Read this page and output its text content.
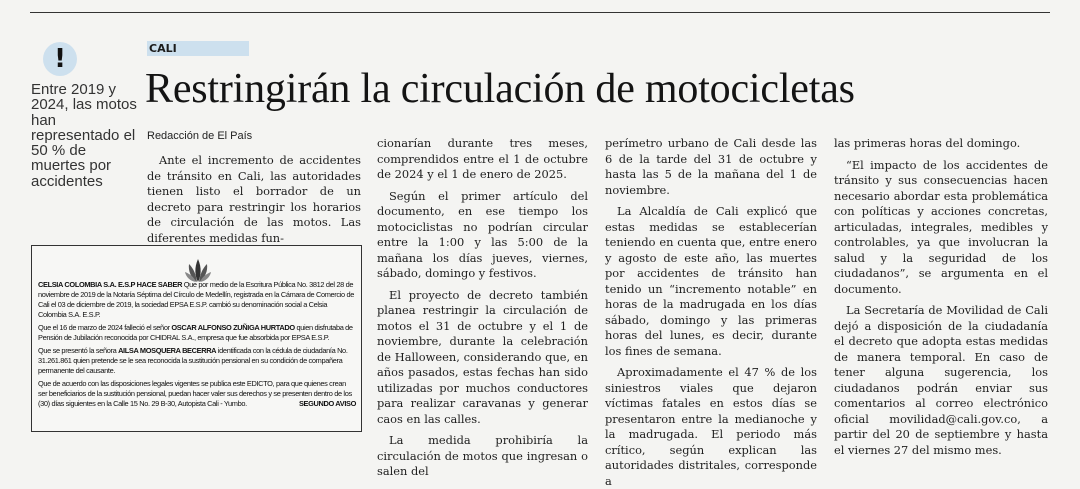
!
Entre 2019 y 2024, las motos han representado el 50 % de muertes por accidentes
CALI
Restringirán la circulación de motocicletas
Redacción de El País

Ante el incremento de accidentes de tránsito en Cali, las autoridades tienen listo el borrador de un decreto para restringir los horarios de circulación de las motos. Las diferentes medidas fun-

cionarían durante tres meses, comprendidos entre el 1 de octubre de 2024 y el 1 de enero de 2025.

Según el primer artículo del documento, en ese tiempo los motociclistas no podrían circular entre la 1:00 y las 5:00 de la mañana los días jueves, viernes, sábado, domingo y festivos.

El proyecto de decreto también planea restringir la circulación de motos el 31 de octubre y el 1 de noviembre, durante la celebración de Halloween, considerando que, en años pasados, estas fechas han sido utilizadas por muchos conductores para realizar caravanas y generar caos en las calles.

La medida prohibiría la circulación de motos que ingresan o salen del

perímetro urbano de Cali desde las 6 de la tarde del 31 de octubre y hasta las 5 de la mañana del 1 de noviembre.

La Alcaldía de Cali explicó que estas medidas se establecerían teniendo en cuenta que, entre enero y agosto de este año, las muertes por accidentes de tránsito han tenido un “incremento notable” en horas de la madrugada en los días sábado, domingo y las primeras horas del lunes, es decir, durante los fines de semana.

Aproximadamente el 47 % de los siniestros viales que dejaron víctimas fatales en estos días se presentaron entre la medianoche y la madrugada. El periodo más crítico, según explican las autoridades distritales, corresponde a

las primeras horas del domingo.

“El impacto de los accidentes de tránsito y sus consecuencias hacen necesario abordar esta problemática con políticas y acciones concretas, articuladas, integrales, medibles y controlables, ya que involucran la salud y la seguridad de los ciudadanos”, se argumenta en el documento.

La Secretaría de Movilidad de Cali dejó a disposición de la ciudadanía el decreto que adopta estas medidas de manera temporal. En caso de tener alguna sugerencia, los ciudadanos podrán enviar sus comentarios al correo electrónico oficial movilidad@cali.gov.co, a partir del 20 de septiembre y hasta el viernes 27 del mismo mes.

CELSIA COLOMBIA S.A. E.S.P HACE SABER Que por medio de la Escritura Pública No. 3812 del 28 de noviembre de 2019 de la Notaría Séptima del Círculo de Medellín, registrada en la Cámara de Comercio de Cali el 03 de diciembre de 2019, la sociedad EPSA E.S.P. cambió su denominación social a Celsia Colombia S.A. E.S.P.

Que el 16 de marzo de 2024 falleció el señor OSCAR ALFONSO ZUÑIGA HURTADO quien disfrutaba de Pensión de Jubilación reconocida por CHIDRAL S.A., empresa que fue absorbida por EPSA E.S.P.

Que se presentó la señora AILSA MOSQUERA BECERRA identificada con la cédula de ciudadanía No. 31.261.861 quien pretende se le sea reconocida la sustitución pensional en su condición de compañera permanente del causante.

Que de acuerdo con las disposiciones legales vigentes se publica este EDICTO, para que quienes crean ser beneficiarios de la sustitución pensional, puedan hacer valer sus derechos y se presenten dentro de los (30) días siguientes en la Calle 15 No. 29 B-30, Autopista Cali - Yumbo.	SEGUNDO AVISO
